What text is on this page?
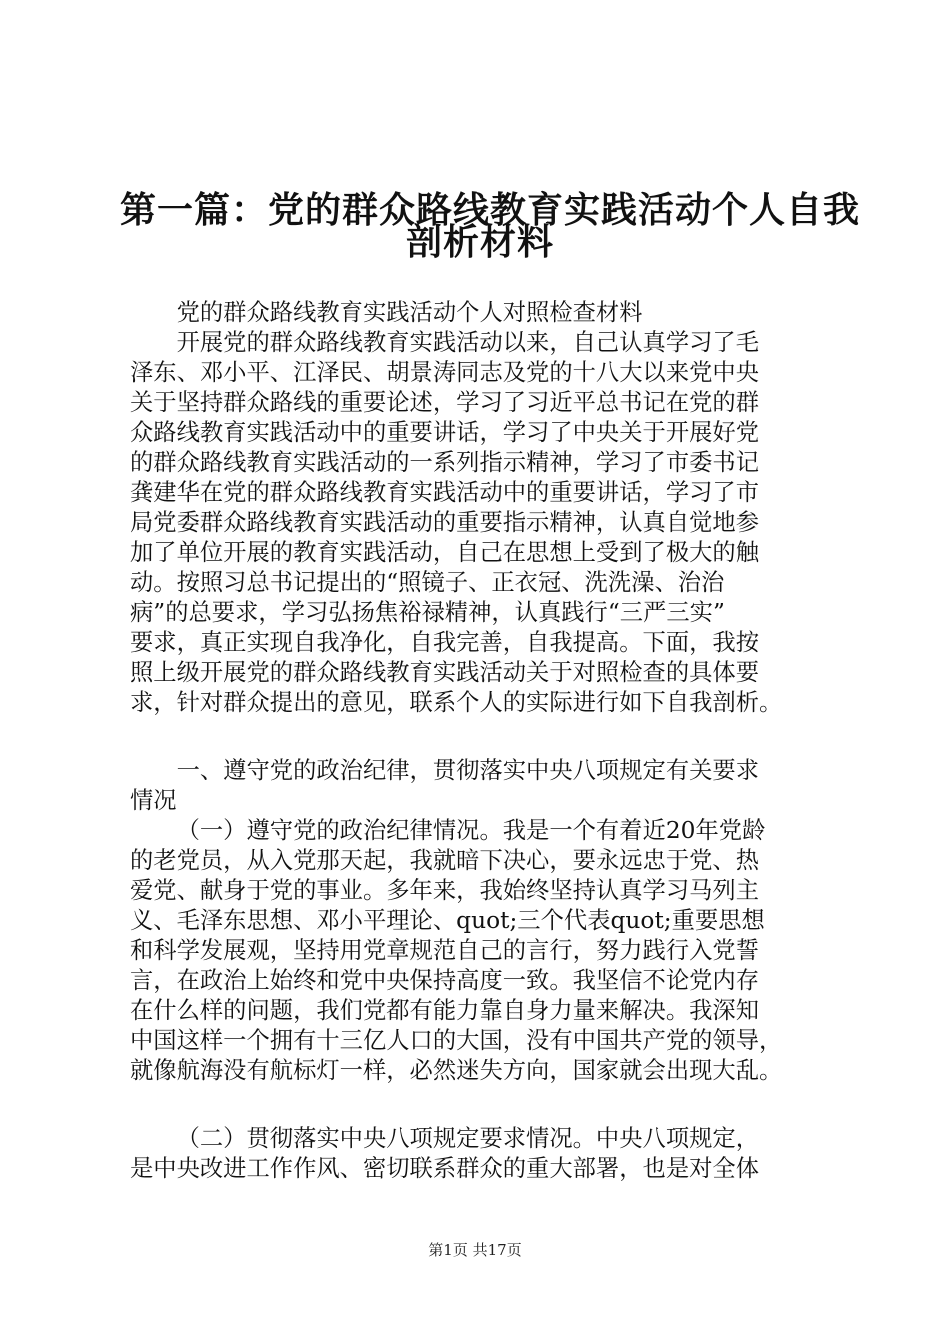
第一篇：党的群众路线教育实践活动个人自我
剖析材料

党的群众路线教育实践活动个人对照检查材料

开展党的群众路线教育实践活动以来，自己认真学习了毛
泽东、邓小平、江泽民、胡景涛同志及党的十八大以来党中央
关于坚持群众路线的重要论述，学习了习近平总书记在党的群
众路线教育实践活动中的重要讲话，学习了中央关于开展好党
的群众路线教育实践活动的一系列指示精神，学习了市委书记
龚建华在党的群众路线教育实践活动中的重要讲话，学习了市
局党委群众路线教育实践活动的重要指示精神，认真自觉地参
加了单位开展的教育实践活动，自己在思想上受到了极大的触
动。按照习总书记提出的“照镜子、正衣冠、洗洗澡、治治
病”的总要求，学习弘扬焦裕禄精神，认真践行“三严三实”
要求，真正实现自我净化，自我完善，自我提高。下面，我按
照上级开展党的群众路线教育实践活动关于对照检查的具体要
求，针对群众提出的意见，联系个人的实际进行如下自我剖析。

一、遵守党的政治纪律，贯彻落实中央八项规定有关要求
情况

（一）遵守党的政治纪律情况。我是一个有着近20年党龄
的老党员，从入党那天起，我就暗下决心，要永远忠于党、热
爱党、献身于党的事业。多年来，我始终坚持认真学习马列主
义、毛泽东思想、邓小平理论、quot;三个代表quot;重要思想
和科学发展观，坚持用党章规范自己的言行，努力践行入党誓
言，在政治上始终和党中央保持高度一致。我坚信不论党内存
在什么样的问题，我们党都有能力靠自身力量来解决。我深知
中国这样一个拥有十三亿人口的大国，没有中国共产党的领导，
就像航海没有航标灯一样，必然迷失方向，国家就会出现大乱。

（二）贯彻落实中央八项规定要求情况。中央八项规定，
是中央改进工作作风、密切联系群众的重大部署，也是对全体

第1页 共17页
